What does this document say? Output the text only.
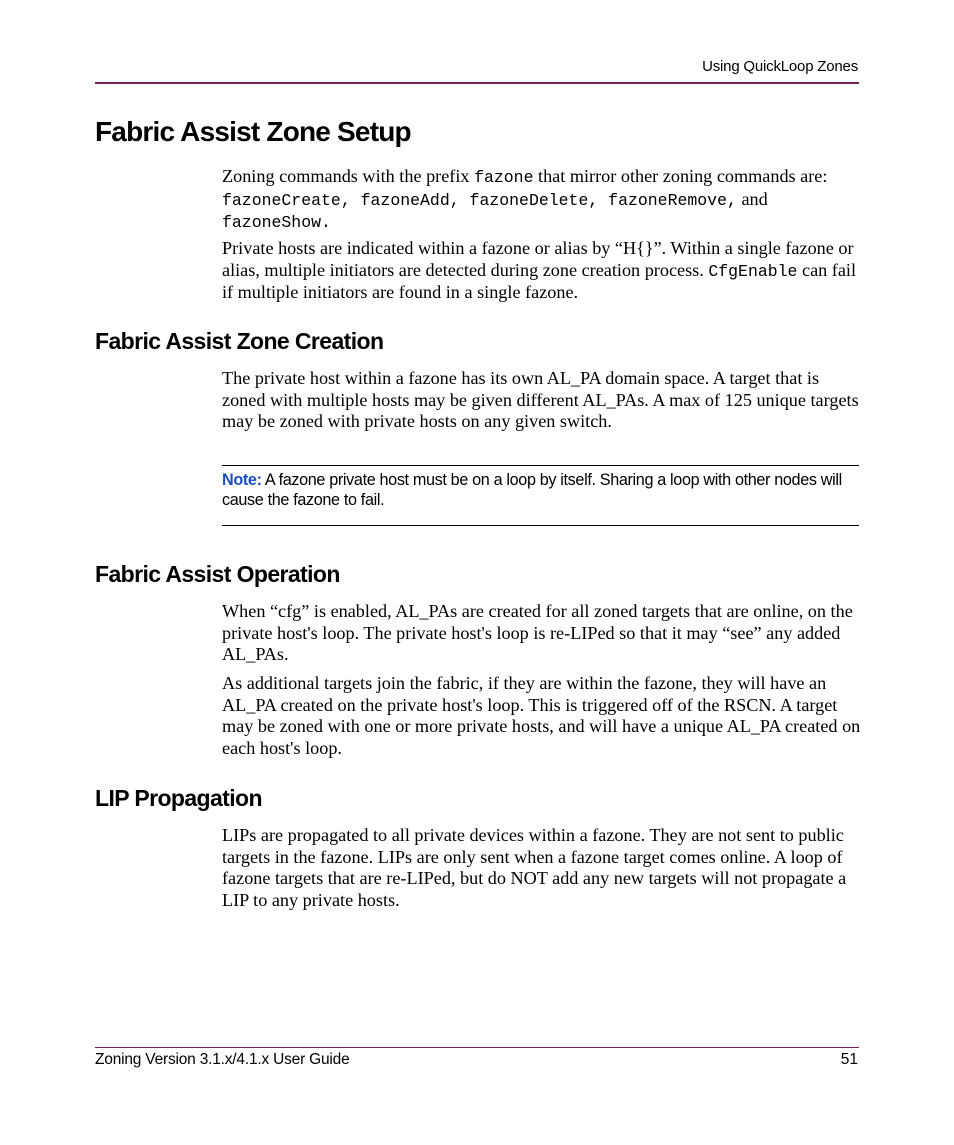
Using QuickLoop Zones
Fabric Assist Zone Setup

Zoning commands with the prefix fazone that mirror other zoning commands are: fazoneCreate, fazoneAdd, fazoneDelete, fazoneRemove, and fazoneShow.

Private hosts are indicated within a fazone or alias by “H{}”. Within a single fazone or alias, multiple initiators are detected during zone creation process. CfgEnable can fail if multiple initiators are found in a single fazone.

Fabric Assist Zone Creation

The private host within a fazone has its own AL_PA domain space. A target that is zoned with multiple hosts may be given different AL_PAs. A max of 125 unique targets may be zoned with private hosts on any given switch.

Note: A fazone private host must be on a loop by itself. Sharing a loop with other nodes will cause the fazone to fail.

Fabric Assist Operation

When “cfg” is enabled, AL_PAs are created for all zoned targets that are online, on the private host's loop. The private host's loop is re-LIPed so that it may “see” any added AL_PAs.

As additional targets join the fabric, if they are within the fazone, they will have an AL_PA created on the private host's loop. This is triggered off of the RSCN. A target may be zoned with one or more private hosts, and will have a unique AL_PA created on each host's loop.

LIP Propagation

LIPs are propagated to all private devices within a fazone. They are not sent to public targets in the fazone. LIPs are only sent when a fazone target comes online. A loop of fazone targets that are re-LIPed, but do NOT add any new targets will not propagate a LIP to any private hosts.

Zoning Version 3.1.x/4.1.x User Guide	51
